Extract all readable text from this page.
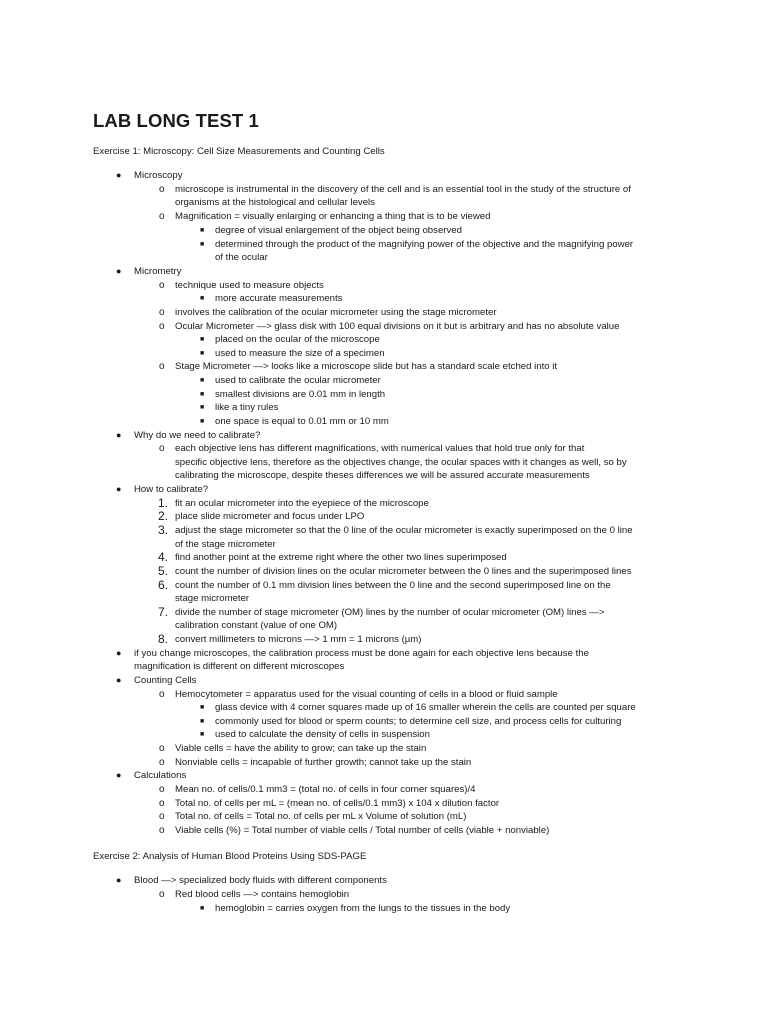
LAB LONG TEST 1
Exercise 1: Microscopy: Cell Size Measurements and Counting Cells
● Microscopy
o microscope is instrumental in the discovery of the cell and is an essential tool in the study of the structure of
organisms at the histological and cellular levels
o Magnification = visually enlarging or enhancing a thing that is to be viewed
■ degree of visual enlargement of the object being observed
■ determined through the product of the magnifying power of the objective and the magnifying power
of the ocular
● Micrometry
o technique used to measure objects
■ more accurate measurements
o involves the calibration of the ocular micrometer using the stage micrometer
o Ocular Micrometer —> glass disk with 100 equal divisions on it but is arbitrary and has no absolute value
■ placed on the ocular of the microscope
■ used to measure the size of a specimen
o Stage Micrometer —> looks like a microscope slide but has a standard scale etched into it
■ used to calibrate the ocular micrometer
■ smallest divisions are 0.01 mm in length
■ like a tiny rules
■ one space is equal to 0.01 mm or 10 mm
● Why do we need to calibrate?
o each objective lens has different magnifications, with numerical values that hold true only for that
specific objective lens, therefore as the objectives change, the ocular spaces with it changes as well, so by
calibrating the microscope, despite theses differences we will be assured accurate measurements
● How to calibrate?
1. fit an ocular micrometer into the eyepiece of the microscope
2. place slide micrometer and focus under LPO
3. adjust the stage micrometer so that the 0 line of the ocular micrometer is exactly superimposed on the 0 line
of the stage micrometer
4. find another point at the extreme right where the other two lines superimposed
5. count the number of division lines on the ocular micrometer between the 0 lines and the superimposed lines
6. count the number of 0.1 mm division lines between the 0 line and the second superimposed line on the
stage micrometer
7. divide the number of stage micrometer (OM) lines by the number of ocular micrometer (OM) lines —>
calibration constant (value of one OM)
8. convert millimeters to microns —> 1 mm = 1 microns (µm)
● if you change microscopes, the calibration process must be done again for each objective lens because the
magnification is different on different microscopes
● Counting Cells
o Hemocytometer = apparatus used for the visual counting of cells in a blood or fluid sample
■ glass device with 4 corner squares made up of 16 smaller wherein the cells are counted per square
■ commonly used for blood or sperm counts; to determine cell size, and process cells for culturing
■ used to calculate the density of cells in suspension
o Viable cells = have the ability to grow; can take up the stain
o Nonviable cells = incapable of further growth; cannot take up the stain
● Calculations
o Mean no. of cells/0.1 mm3 = (total no. of cells in four corner squares)/4
o Total no. of cells per mL = (mean no. of cells/0.1 mm3) x 104 x dilution factor
o Total no. of cells = Total no. of cells per mL x Volume of solution (mL)
o Viable cells (%) = Total number of viable cells / Total number of cells (viable + nonviable)
● Blood —> specialized body fluids with different components
o Red blood cells —> contains hemoglobin
■ hemoglobin = carries oxygen from the lungs to the tissues in the body
Exercise 2: Analysis of Human Blood Proteins Using SDS-PAGE
